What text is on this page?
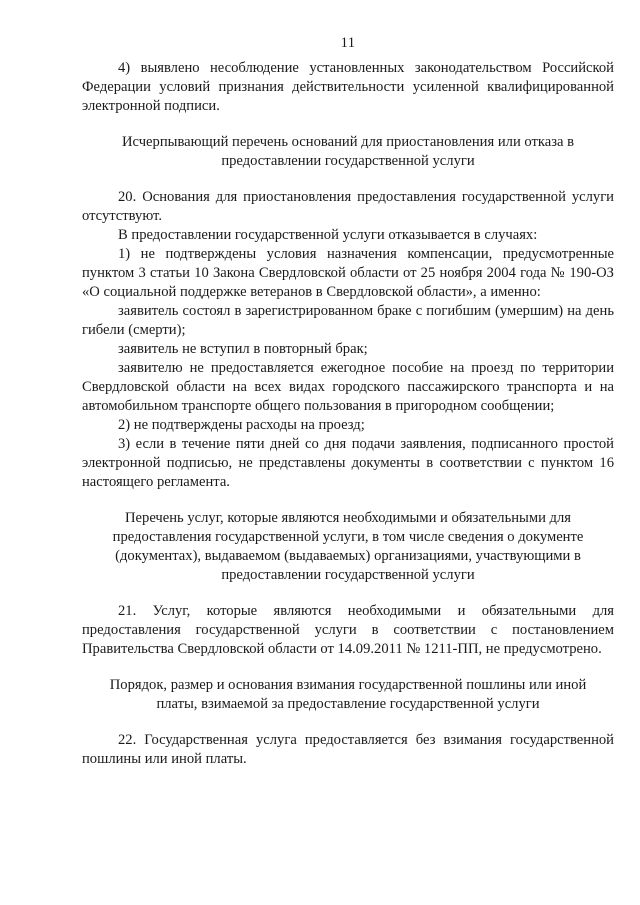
11

4) выявлено несоблюдение установленных законодательством Российской Федерации условий признания действительности усиленной квалифицированной электронной подписи.

Исчерпывающий перечень оснований для приостановления или отказа в предоставлении государственной услуги

20. Основания для приостановления предоставления государственной услуги отсутствуют.

В предоставлении государственной услуги отказывается в случаях:

1) не подтверждены условия назначения компенсации, предусмотренные пунктом 3 статьи 10 Закона Свердловской области от 25 ноября 2004 года № 190-ОЗ «О социальной поддержке ветеранов в Свердловской области», а именно:

заявитель состоял в зарегистрированном браке с погибшим (умершим) на день гибели (смерти);

заявитель не вступил в повторный брак;

заявителю не предоставляется ежегодное пособие на проезд по территории Свердловской области на всех видах городского пассажирского транспорта и на автомобильном транспорте общего пользования в пригородном сообщении;

2) не подтверждены расходы на проезд;

3) если в течение пяти дней со дня подачи заявления, подписанного простой электронной подписью, не представлены документы в соответствии с пунктом 16 настоящего регламента.

Перечень услуг, которые являются необходимыми и обязательными для предоставления государственной услуги, в том числе сведения о документе (документах), выдаваемом (выдаваемых) организациями, участвующими в предоставлении государственной услуги

21. Услуг, которые являются необходимыми и обязательными для предоставления государственной услуги в соответствии с постановлением Правительства Свердловской области от 14.09.2011 № 1211-ПП, не предусмотрено.

Порядок, размер и основания взимания государственной пошлины или иной платы, взимаемой за предоставление государственной услуги

22. Государственная услуга предоставляется без взимания государственной пошлины или иной платы.
